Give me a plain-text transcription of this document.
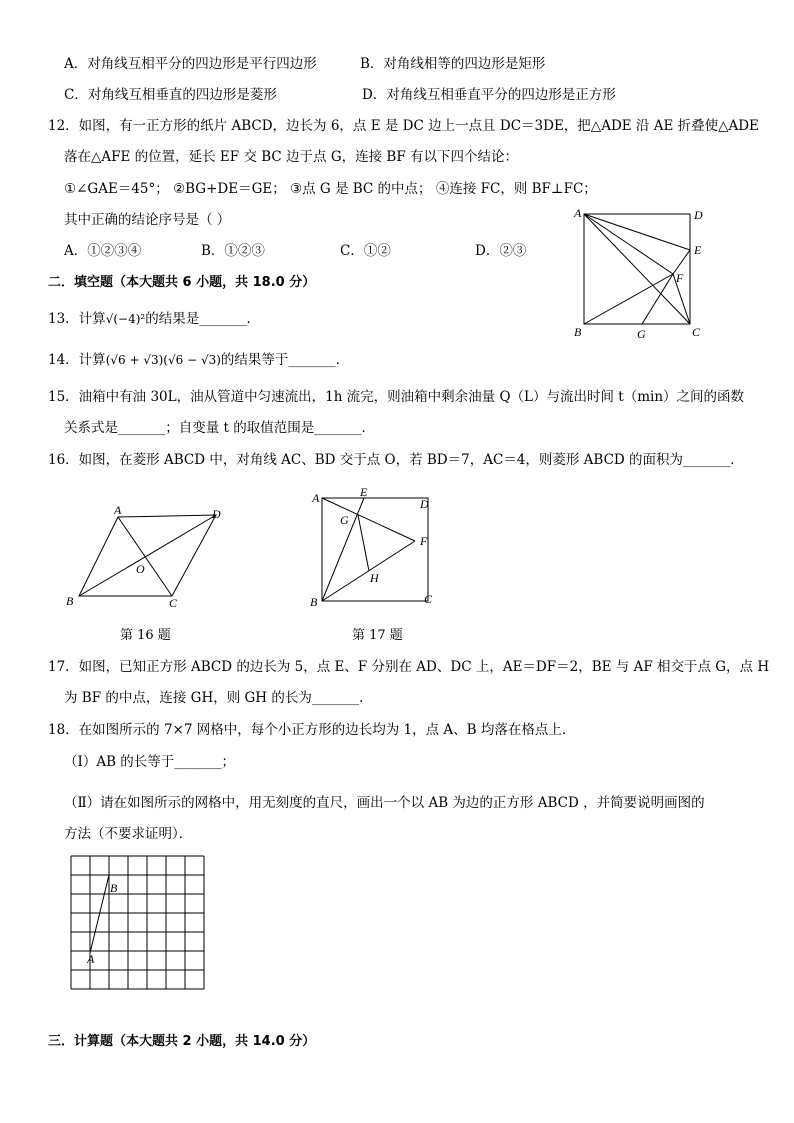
A．对角线互相平分的四边形是平行四边形	B．对角线相等的四边形是矩形
C．对角线互相垂直的四边形是菱形	D．对角线互相垂直平分的四边形是正方形
12．如图，有一正方形的纸片 ABCD，边长为 6，点 E 是 DC 边上一点且 DC＝3DE，把△ADE 沿 AE 折叠使△ADE
落在△AFE 的位置，延长 EF 交 BC 边于点 G，连接 BF 有以下四个结论：
①∠GAE＝45°； ②BG+DE＝GE； ③点 G 是 BC 的中点； ④连接 FC，则 BF⊥FC；
其中正确的结论序号是（ ）
A．①②③④	B．①②③	C．①②	D．②③
A	D
E
F
B	G	C
二．填空题（本大题共 6 小题，共 18.0 分）
13．计算√(−4)²的结果是_______．
14．计算(√6 + √3)(√6 − √3)的结果等于_______．
15．油箱中有油 30L，油从管道中匀速流出，1h 流完，则油箱中剩余油量 Q（L）与流出时间 t（min）之间的函数
关系式是_______；自变量 t 的取值范围是_______．
16．如图，在菱形 ABCD 中，对角线 AC、BD 交于点 O，若 BD＝7，AC＝4，则菱形 ABCD 的面积为_______．
A	D
O
B	C
第 16 题
A	E
D
G
F
H
B	C
第 17 题
17．如图，已知正方形 ABCD 的边长为 5，点 E、F 分别在 AD、DC 上，AE＝DF＝2，BE 与 AF 相交于点 G，点 H
为 BF 的中点，连接 GH，则 GH 的长为_______．
18．在如图所示的 7×7 网格中，每个小正方形的边长均为 1，点 A、B 均落在格点上．
（Ⅰ）AB 的长等于_______；
（Ⅱ）请在如图所示的网格中，用无刻度的直尺，画出一个以 AB 为边的正方形 ABCD ，并简要说明画图的
方法（不要求证明）．
B
A
三．计算题（本大题共 2 小题，共 14.0 分）
